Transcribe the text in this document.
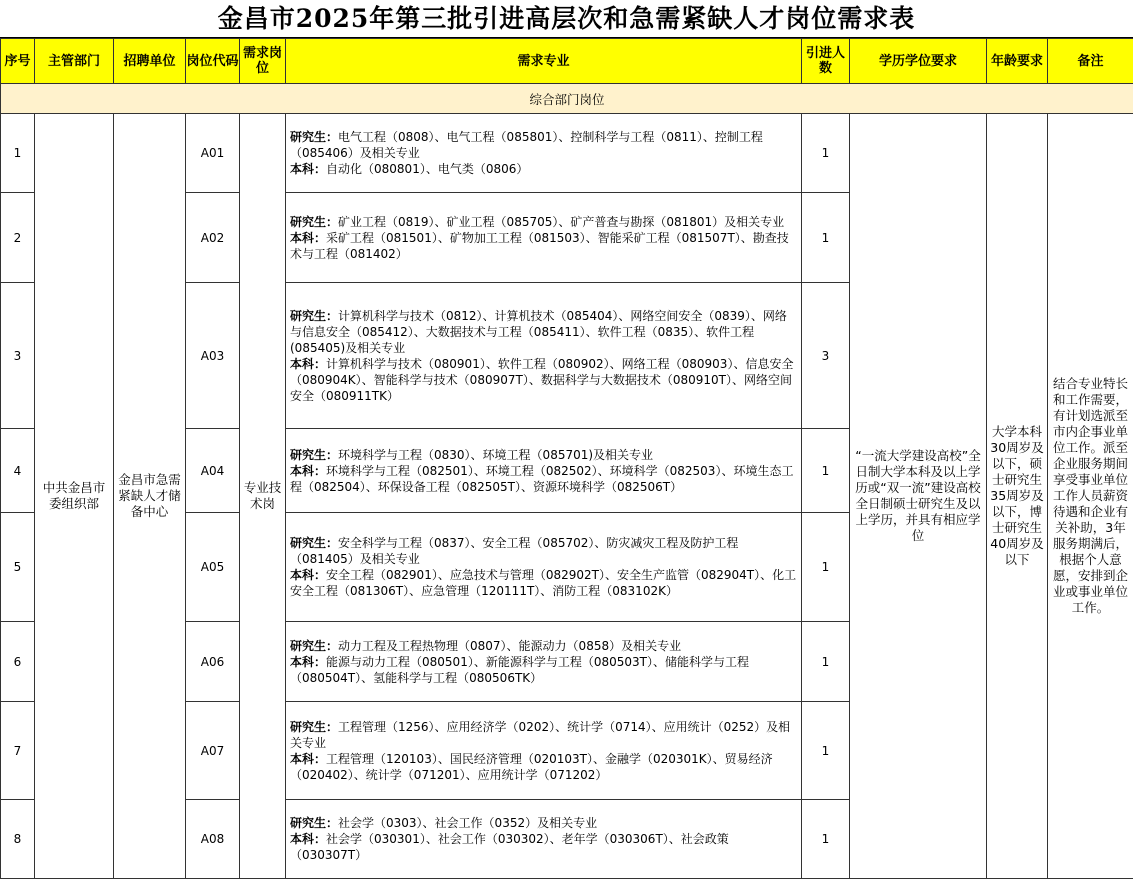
金昌市2025年第三批引进高层次和急需紧缺人才岗位需求表
序号	主管部门	招聘单位	岗位代码	需求岗位	需求专业	引进人数	学历学位要求	年龄要求	备注
综合部门岗位									
1	中共金昌市委组织部	金昌市急需紧缺人才储备中心	A01	专业技术岗	研究生：电气工程（0808）、电气工程（085801）、控制科学与工程（0811）、控制工程（085406）及相关专业
本科：自动化（080801）、电气类（0806）	1	“一流大学建设高校”全日制大学本科及以上学历或“双一流”建设高校全日制硕士研究生及以上学历，并具有相应学位	大学本科30周岁及以下，硕士研究生35周岁及以下，博士研究生40周岁及以下	结合专业特长和工作需要，有计划选派至市内企事业单位工作。派至企业服务期间享受事业单位工作人员薪资待遇和企业有关补助，3年服务期满后，根据个人意愿，安排到企业或事业单位工作。
2			A02		研究生：矿业工程（0819）、矿业工程（085705）、矿产普查与勘探（081801）及相关专业
本科：采矿工程（081501）、矿物加工工程（081503）、智能采矿工程（081507T）、勘查技术与工程（081402）	1			
3			A03		研究生：计算机科学与技术（0812）、计算机技术（085404）、网络空间安全（0839）、网络与信息安全（085412）、大数据技术与工程（085411）、软件工程（0835）、软件工程(085405)及相关专业
本科：计算机科学与技术（080901）、软件工程（080902）、网络工程（080903）、信息安全（080904K）、智能科学与技术（080907T）、数据科学与大数据技术（080910T）、网络空间安全（080911TK）	3			
4			A04		研究生：环境科学与工程（0830）、环境工程（085701)及相关专业
本科：环境科学与工程（082501）、环境工程（082502）、环境科学（082503）、环境生态工程（082504）、环保设备工程（082505T）、资源环境科学（082506T）	1			
5			A05		研究生：安全科学与工程（0837）、安全工程（085702）、防灾减灾工程及防护工程（081405）及相关专业
本科：安全工程（082901）、应急技术与管理（082902T）、安全生产监管（082904T）、化工安全工程（081306T）、应急管理（120111T）、消防工程（083102K）	1			
6			A06		研究生：动力工程及工程热物理（0807）、能源动力（0858）及相关专业
本科：能源与动力工程（080501）、新能源科学与工程（080503T）、储能科学与工程（080504T）、氢能科学与工程（080506TK）	1			
7			A07		研究生：工程管理（1256）、应用经济学（0202）、统计学（0714）、应用统计（0252）及相关专业
本科：工程管理（120103）、国民经济管理（020103T）、金融学（020301K）、贸易经济（020402）、统计学（071201）、应用统计学（071202）	1			
8			A08		研究生：社会学（0303）、社会工作（0352）及相关专业
本科：社会学（030301）、社会工作（030302）、老年学（030306T）、社会政策（030307T）	1			
